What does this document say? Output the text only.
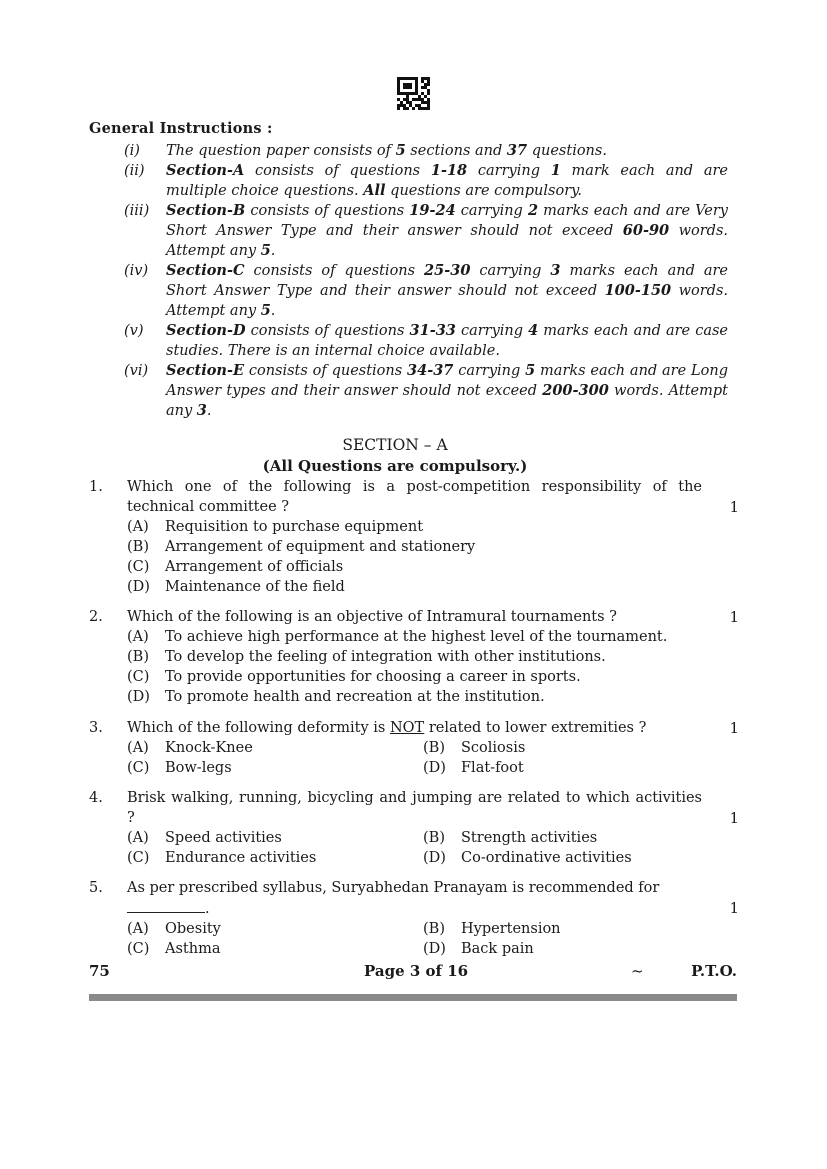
General Instructions :
(i) The question paper consists of 5 sections and 37 questions.
(ii) Section-A consists of questions 1-18 carrying 1 mark each and are multiple choice questions. All questions are compulsory.
(iii) Section-B consists of questions 19-24 carrying 2 marks each and are Very Short Answer Type and their answer should not exceed 60-90 words. Attempt any 5.
(iv) Section-C consists of questions 25-30 carrying 3 marks each and are Short Answer Type and their answer should not exceed 100-150 words. Attempt any 5.
(v) Section-D consists of questions 31-33 carrying 4 marks each and are case studies. There is an internal choice available.
(vi) Section-E consists of questions 34-37 carrying 5 marks each and are Long Answer types and their answer should not exceed 200-300 words. Attempt any 3.
SECTION – A
(All Questions are compulsory.)
1. Which one of the following is a post-competition responsibility of the technical committee ?	1
(A)	Requisition to purchase equipment
(B)	Arrangement of equipment and stationery
(C)	Arrangement of officials
(D)	Maintenance of the field
2. Which of the following is an objective of Intramural tournaments ?	1
(A)	To achieve high performance at the highest level of the tournament.
(B)	To develop the feeling of integration with other institutions.
(C)	To provide opportunities for choosing a career in sports.
(D)	To promote health and recreation at the institution.
3. Which of the following deformity is NOT related to lower extremities ?	1
(A)	Knock-Knee	(B)	Scoliosis
(C)	Bow-legs	(D)	Flat-foot
4. Brisk walking, running, bicycling and jumping are related to which activities ?	1
(A)	Speed activities	(B)	Strength activities
(C)	Endurance activities	(D)	Co-ordinative activities
5. As per prescribed syllabus, Suryabhedan Pranayam is recommended for
.	1
(A)	Obesity	(B)	Hypertension
(C)	Asthma	(D)	Back pain
75	Page 3 of 16	~	P.T.O.
